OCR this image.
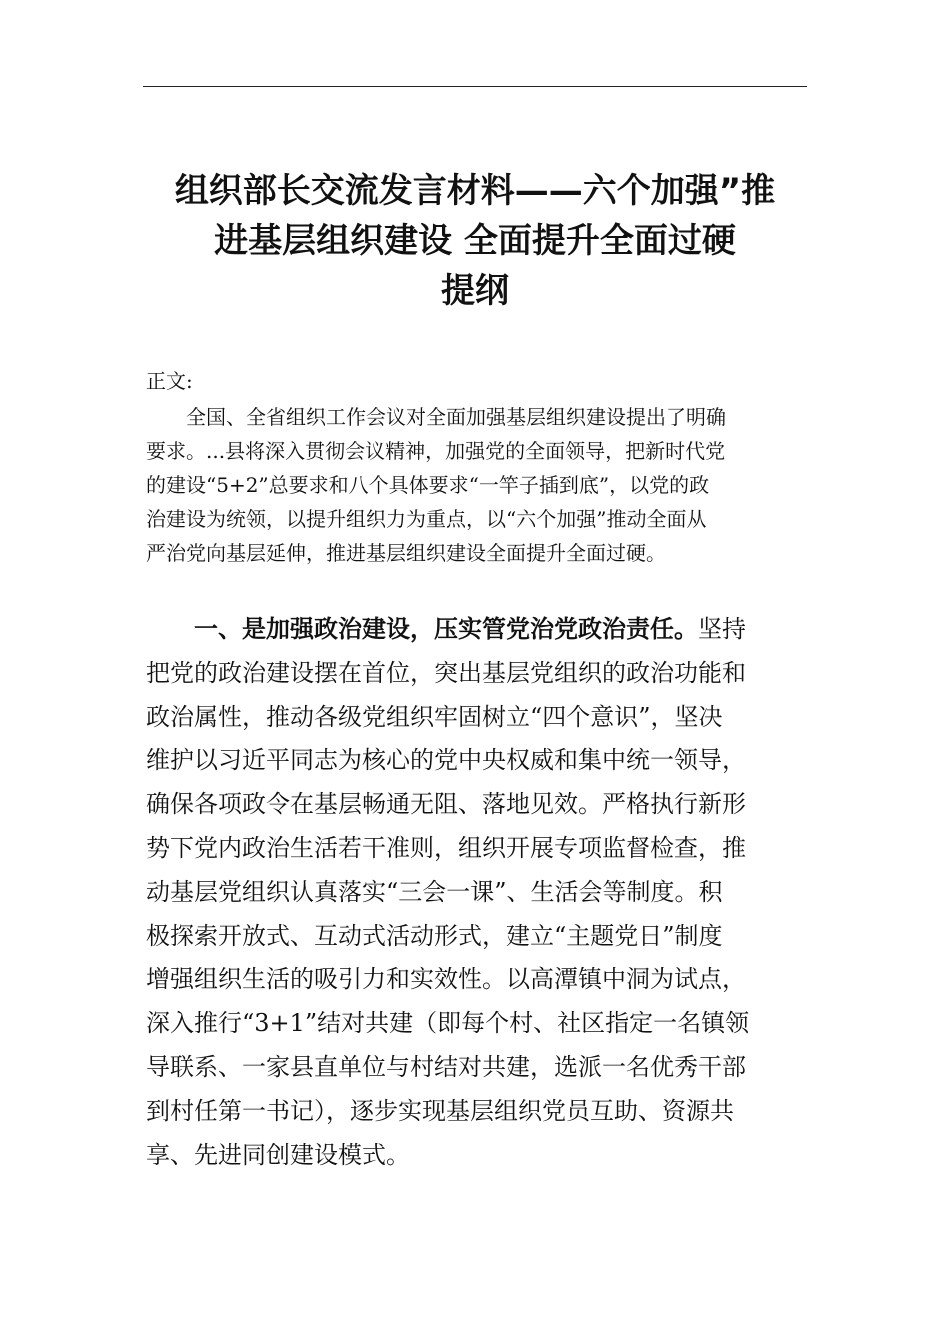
组织部长交流发言材料——六个加强”推
进基层组织建设 全面提升全面过硬
提纲
正文:

全国、全省组织工作会议对全面加强基层组织建设提出了明确
要求。...县将深入贯彻会议精神，加强党的全面领导，把新时代党
的建设“5+2”总要求和八个具体要求“一竿子插到底”，以党的政
治建设为统领，以提升组织力为重点，以“六个加强”推动全面从
严治党向基层延伸，推进基层组织建设全面提升全面过硬。

一、是加强政治建设，压实管党治党政治责任。坚持
把党的政治建设摆在首位，突出基层党组织的政治功能和
政治属性，推动各级党组织牢固树立“四个意识”，坚决
维护以习近平同志为核心的党中央权威和集中统一领导，
确保各项政令在基层畅通无阻、落地见效。严格执行新形
势下党内政治生活若干准则，组织开展专项监督检查，推
动基层党组织认真落实“三会一课”、生活会等制度。积
极探索开放式、互动式活动形式，建立“主题党日”制度
增强组织生活的吸引力和实效性。以高潭镇中洞为试点，
深入推行“3+1”结对共建（即每个村、社区指定一名镇领
导联系、一家县直单位与村结对共建，选派一名优秀干部
到村任第一书记），逐步实现基层组织党员互助、资源共
享、先进同创建设模式。
